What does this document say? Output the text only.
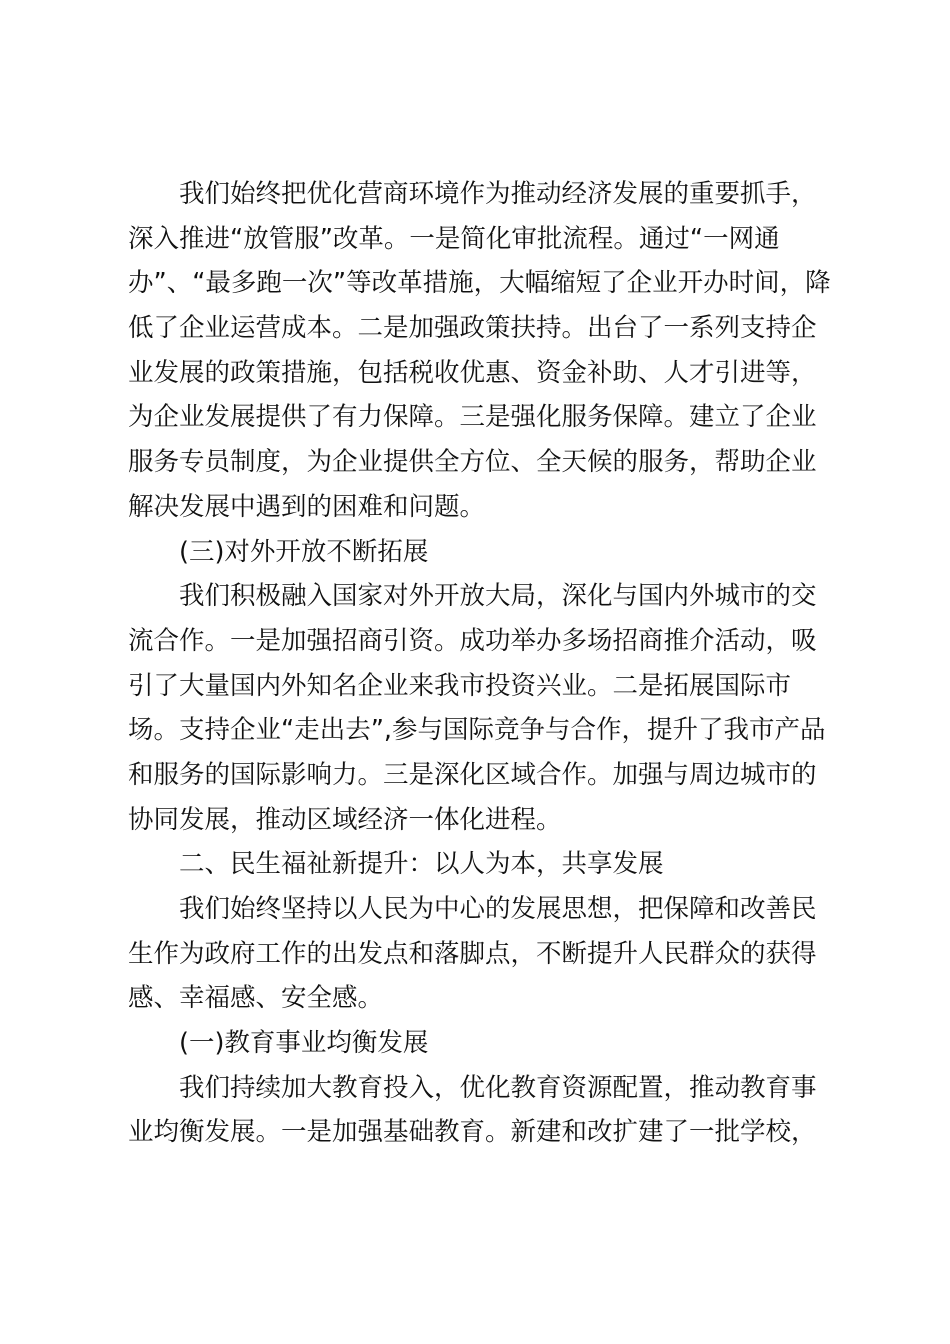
我们始终把优化营商环境作为推动经济发展的重要抓手，
深入推进“放管服”改革。一是简化审批流程。通过“一网通
办”、“最多跑一次”等改革措施，大幅缩短了企业开办时间，降
低了企业运营成本。二是加强政策扶持。出台了一系列支持企
业发展的政策措施，包括税收优惠、资金补助、人才引进等，
为企业发展提供了有力保障。三是强化服务保障。建立了企业
服务专员制度，为企业提供全方位、全天候的服务，帮助企业
解决发展中遇到的困难和问题。
(三)对外开放不断拓展
我们积极融入国家对外开放大局，深化与国内外城市的交
流合作。一是加强招商引资。成功举办多场招商推介活动，吸
引了大量国内外知名企业来我市投资兴业。二是拓展国际市
场。支持企业“走出去”,参与国际竞争与合作，提升了我市产品
和服务的国际影响力。三是深化区域合作。加强与周边城市的
协同发展，推动区域经济一体化进程。
二、民生福祉新提升：以人为本，共享发展
我们始终坚持以人民为中心的发展思想，把保障和改善民
生作为政府工作的出发点和落脚点，不断提升人民群众的获得
感、幸福感、安全感。
(一)教育事业均衡发展
我们持续加大教育投入，优化教育资源配置，推动教育事
业均衡发展。一是加强基础教育。新建和改扩建了一批学校，
